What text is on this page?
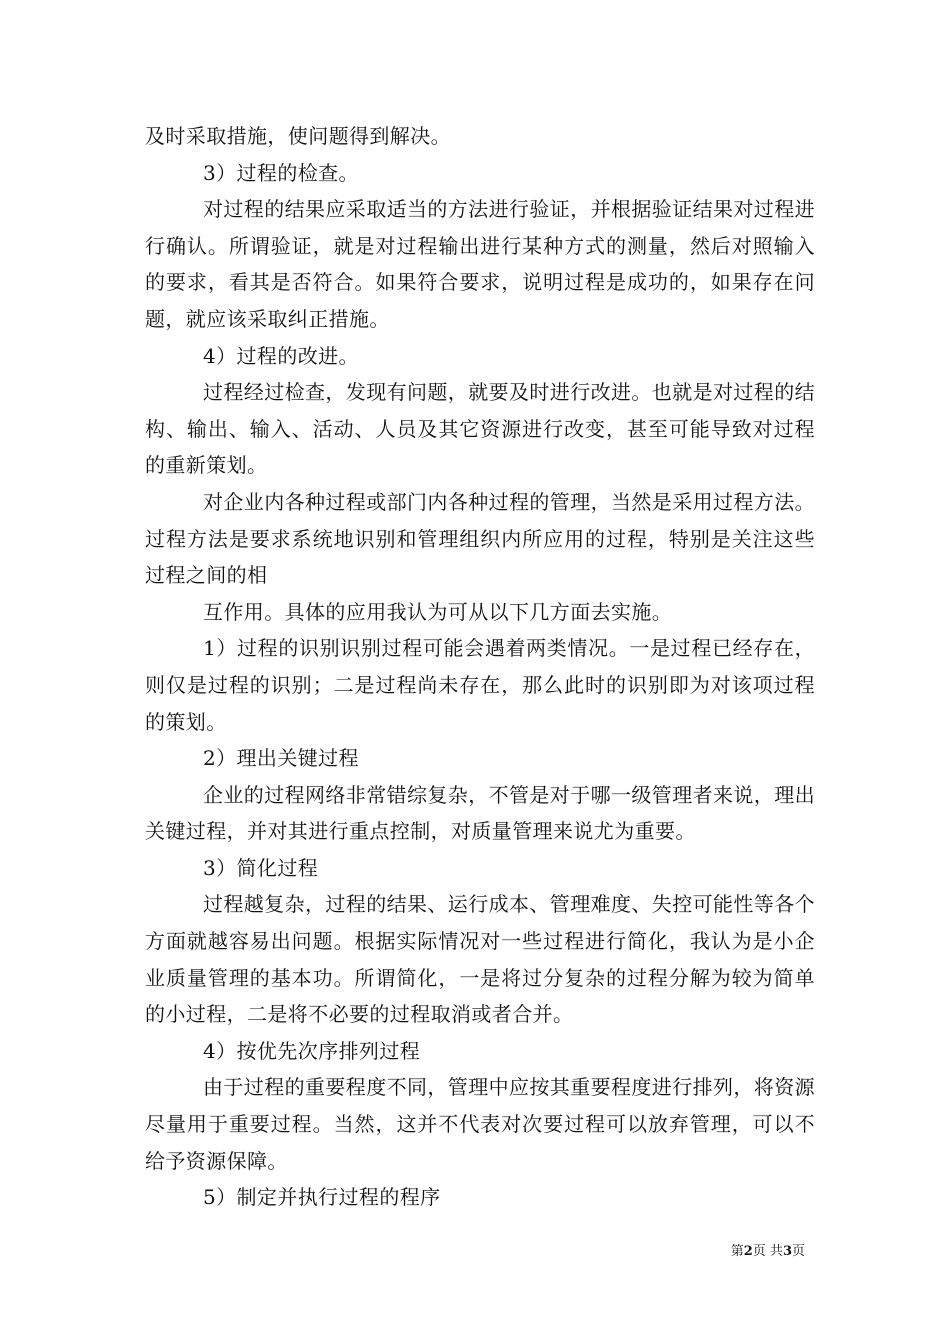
及时采取措施，使问题得到解决。

3）过程的检查。

对过程的结果应采取适当的方法进行验证，并根据验证结果对过程进行确认。所谓验证，就是对过程输出进行某种方式的测量，然后对照输入的要求，看其是否符合。如果符合要求，说明过程是成功的，如果存在问题，就应该采取纠正措施。

4）过程的改进。

过程经过检查，发现有问题，就要及时进行改进。也就是对过程的结构、输出、输入、活动、人员及其它资源进行改变，甚至可能导致对过程的重新策划。

对企业内各种过程或部门内各种过程的管理，当然是采用过程方法。过程方法是要求系统地识别和管理组织内所应用的过程，特别是关注这些过程之间的相

互作用。具体的应用我认为可从以下几方面去实施。

1）过程的识别识别过程可能会遇着两类情况。一是过程已经存在，则仅是过程的识别；二是过程尚未存在，那么此时的识别即为对该项过程的策划。

2）理出关键过程

企业的过程网络非常错综复杂，不管是对于哪一级管理者来说，理出关键过程，并对其进行重点控制，对质量管理来说尤为重要。

3）简化过程

过程越复杂，过程的结果、运行成本、管理难度、失控可能性等各个方面就越容易出问题。根据实际情况对一些过程进行简化，我认为是小企业质量管理的基本功。所谓简化，一是将过分复杂的过程分解为较为简单的小过程，二是将不必要的过程取消或者合并。

4）按优先次序排列过程

由于过程的重要程度不同，管理中应按其重要程度进行排列，将资源尽量用于重要过程。当然，这并不代表对次要过程可以放弃管理，可以不给予资源保障。

5）制定并执行过程的程序

第2页 共3页
